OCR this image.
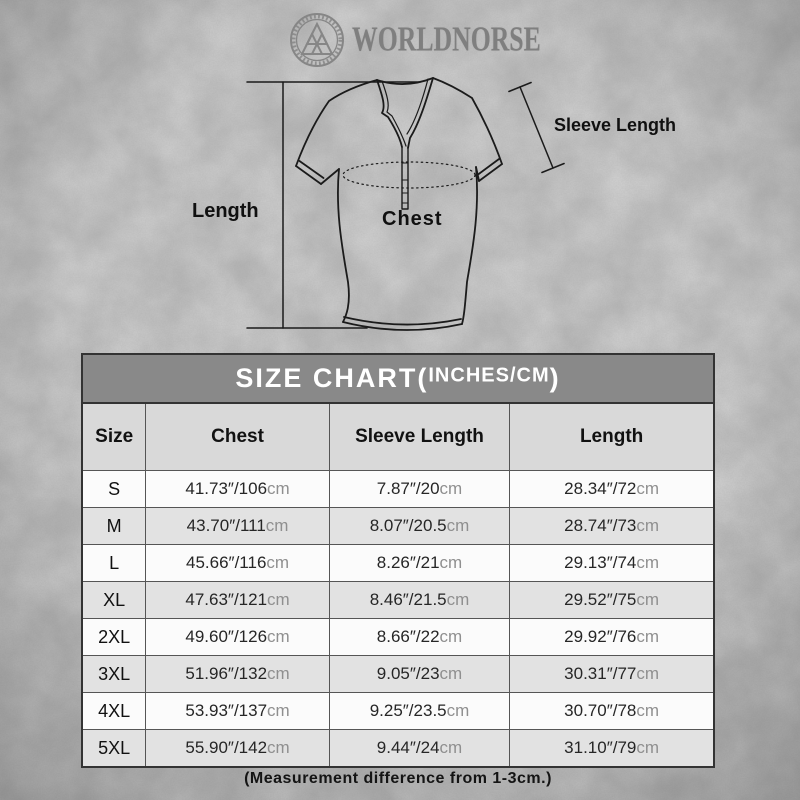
WORLDNORSE
Length	Chest
Sleeve Length
SIZE CHART(INCHES/CM)			
Size	Chest	Sleeve Length	Length
S	41.73″/106cm	7.87″/20cm	28.34″/72cm
M	43.70″/111cm	8.07″/20.5cm	28.74″/73cm
L	45.66″/116cm	8.26″/21cm	29.13″/74cm
XL	47.63″/121cm	8.46″/21.5cm	29.52″/75cm
2XL	49.60″/126cm	8.66″/22cm	29.92″/76cm
3XL	51.96″/132cm	9.05″/23cm	30.31″/77cm
4XL	53.93″/137cm	9.25″/23.5cm	30.70″/78cm
5XL	55.90″/142cm	9.44″/24cm	31.10″/79cm
(Measurement difference from 1-3cm.)
